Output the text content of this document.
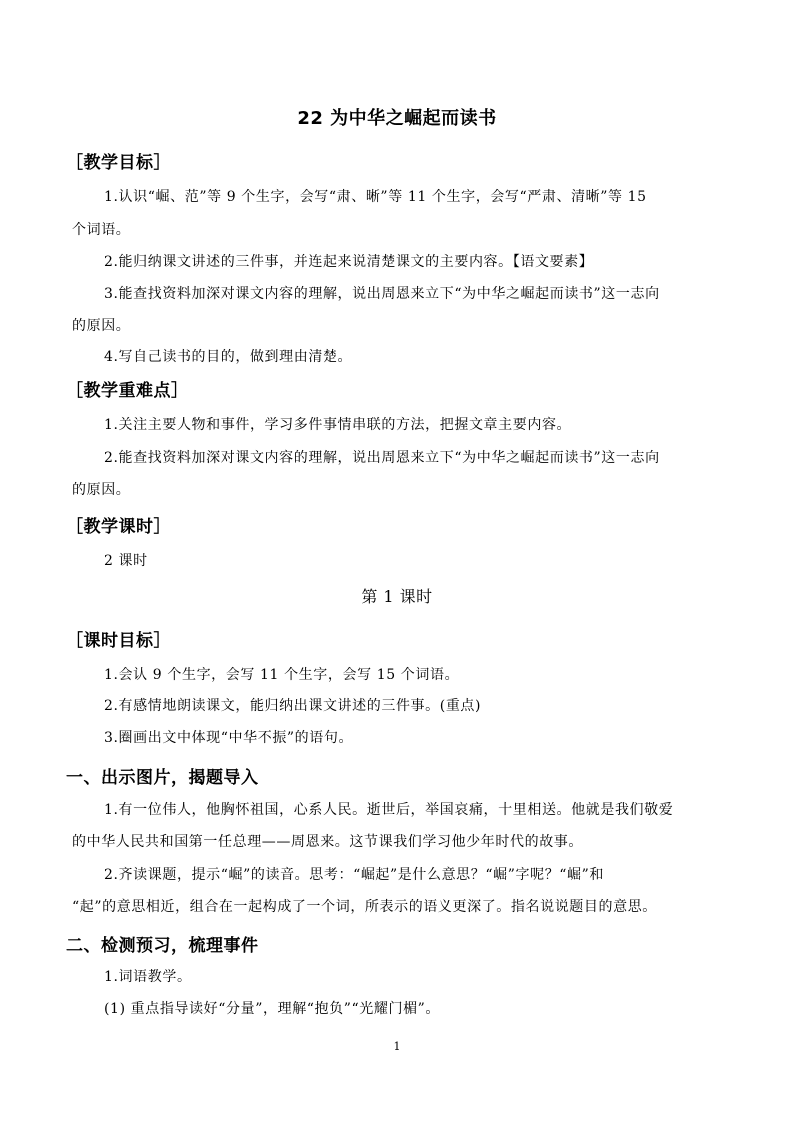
22 为中华之崛起而读书
［教学目标］
1.认识“崛、范”等 9 个生字，会写“肃、晰”等 11 个生字，会写“严肃、清晰”等 15
个词语。
2.能归纳课文讲述的三件事，并连起来说清楚课文的主要内容。【语文要素】
3.能查找资料加深对课文内容的理解，说出周恩来立下“为中华之崛起而读书”这一志向
的原因。
4.写自己读书的目的，做到理由清楚。
［教学重难点］
1.关注主要人物和事件，学习多件事情串联的方法，把握文章主要内容。
2.能查找资料加深对课文内容的理解，说出周恩来立下“为中华之崛起而读书”这一志向
的原因。
［教学课时］
2 课时
第 1 课时
［课时目标］
1.会认 9 个生字，会写 11 个生字，会写 15 个词语。
2.有感情地朗读课文，能归纳出课文讲述的三件事。(重点)
3.圈画出文中体现“中华不振”的语句。
一、出示图片，揭题导入
1.有一位伟人，他胸怀祖国，心系人民。逝世后，举国哀痛，十里相送。他就是我们敬爱
的中华人民共和国第一任总理——周恩来。这节课我们学习他少年时代的故事。
2.齐读课题，提示“崛”的读音。思考：“崛起”是什么意思？“崛”字呢？“崛”和
“起”的意思相近，组合在一起构成了一个词，所表示的语义更深了。指名说说题目的意思。
二、检测预习，梳理事件
1.词语教学。
(1) 重点指导读好“分量”，理解“抱负”“光耀门楣”。
1
